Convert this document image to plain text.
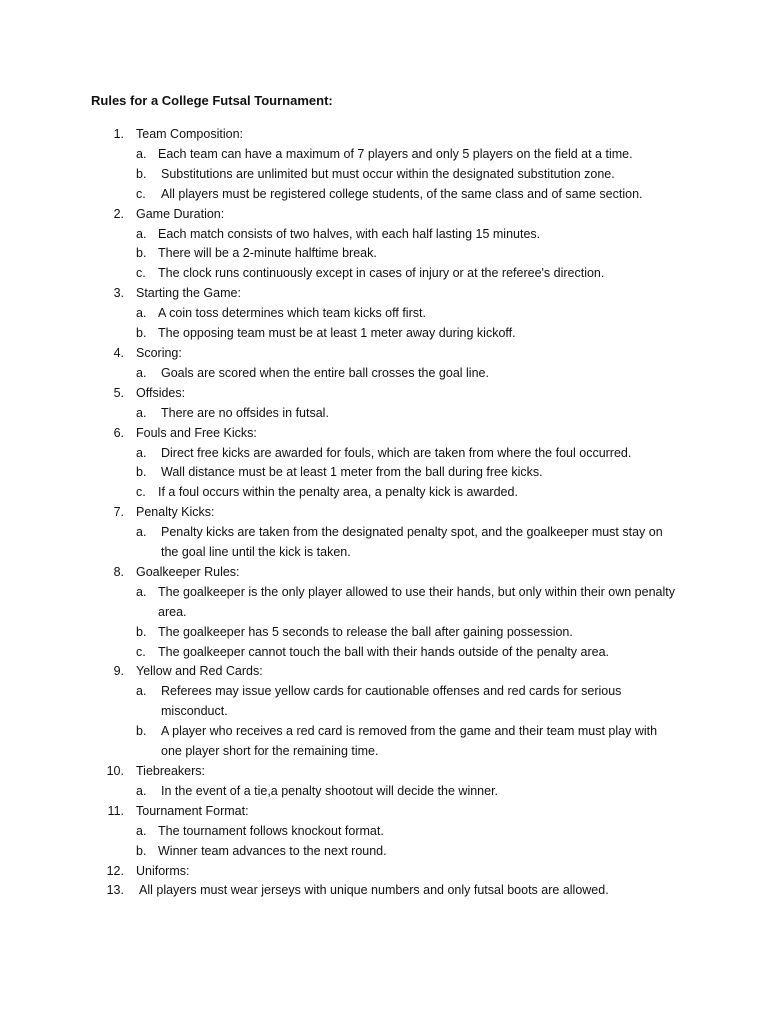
Rules for a College Futsal Tournament:
1. Team Composition:
a. Each team can have a maximum of 7 players and only 5 players on the field at a time.
b.	Substitutions are unlimited but must occur within the designated substitution zone.
c.	All players must be registered college students, of the same class and of same section.
2. Game Duration:
a. Each match consists of two halves, with each half lasting 15 minutes.
b. There will be a 2-minute halftime break.
c. The clock runs continuously except in cases of injury or at the referee's direction.
3. Starting the Game:
a. A coin toss determines which team kicks off first.
b. The opposing team must be at least 1 meter away during kickoff.
4. Scoring:
a.	Goals are scored when the entire ball crosses the goal line.
5. Offsides:
a.	There are no offsides in futsal.
6. Fouls and Free Kicks:
a.	Direct free kicks are awarded for fouls, which are taken from where the foul occurred.
b.	Wall distance must be at least 1 meter from the ball during free kicks.
c. If a foul occurs within the penalty area, a penalty kick is awarded.
7. Penalty Kicks:
a.	Penalty kicks are taken from the designated penalty spot, and the goalkeeper must stay on the goal line until the kick is taken.
8. Goalkeeper Rules:
a. The goalkeeper is the only player allowed to use their hands, but only within their own penalty area.
b. The goalkeeper has 5 seconds to release the ball after gaining possession.
c. The goalkeeper cannot touch the ball with their hands outside of the penalty area.
9. Yellow and Red Cards:
a.	Referees may issue yellow cards for cautionable offenses and red cards for serious misconduct.
b.	A player who receives a red card is removed from the game and their team must play with one player short for the remaining time.
10. Tiebreakers:
a.	In the event of a tie,a penalty shootout will decide the winner.
11. Tournament Format:
a. The tournament follows knockout format.
b. Winner team advances to the next round.
12. Uniforms:
13. All players must wear jerseys with unique numbers and only futsal boots are allowed.
